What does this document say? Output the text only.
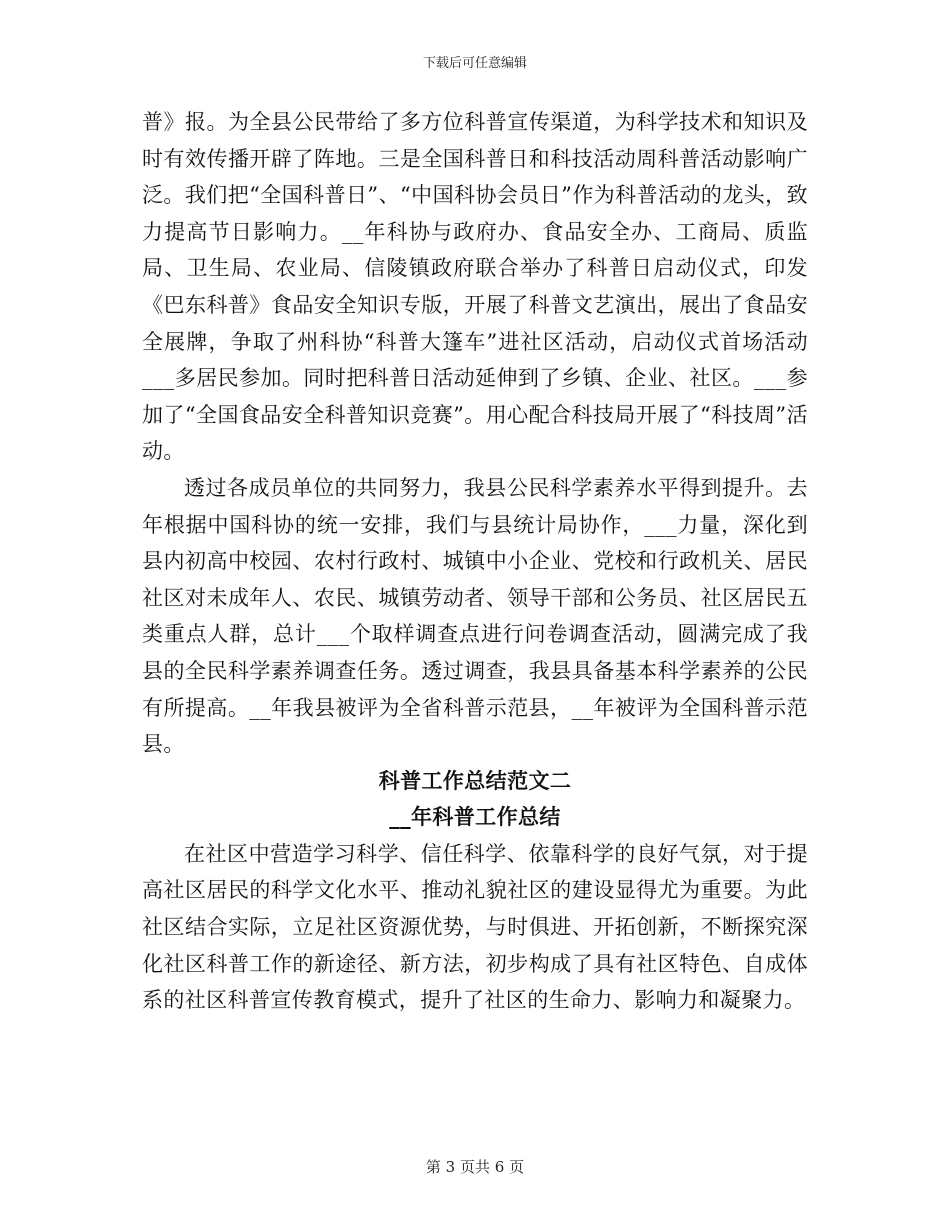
下载后可任意编辑

普》报。为全县公民带给了多方位科普宣传渠道，为科学技术和知识及时有效传播开辟了阵地。三是全国科普日和科技活动周科普活动影响广泛。我们把“全国科普日”、“中国科协会员日”作为科普活动的龙头，致力提高节日影响力。__年科协与政府办、食品安全办、工商局、质监局、卫生局、农业局、信陵镇政府联合举办了科普日启动仪式，印发《巴东科普》食品安全知识专版，开展了科普文艺演出，展出了食品安全展牌，争取了州科协“科普大篷车”进社区活动，启动仪式首场活动___多居民参加。同时把科普日活动延伸到了乡镇、企业、社区。___参加了“全国食品安全科普知识竞赛”。用心配合科技局开展了“科技周”活动。

透过各成员单位的共同努力，我县公民科学素养水平得到提升。去年根据中国科协的统一安排，我们与县统计局协作，___力量，深化到县内初高中校园、农村行政村、城镇中小企业、党校和行政机关、居民社区对未成年人、农民、城镇劳动者、领导干部和公务员、社区居民五类重点人群，总计___个取样调查点进行问卷调查活动，圆满完成了我县的全民科学素养调查任务。透过调查，我县具备基本科学素养的公民有所提高。__年我县被评为全省科普示范县，__年被评为全国科普示范县。

科普工作总结范文二
__年科普工作总结

在社区中营造学习科学、信任科学、依靠科学的良好气氛，对于提高社区居民的科学文化水平、推动礼貌社区的建设显得尤为重要。为此社区结合实际，立足社区资源优势，与时俱进、开拓创新，不断探究深化社区科普工作的新途径、新方法，初步构成了具有社区特色、自成体系的社区科普宣传教育模式，提升了社区的生命力、影响力和凝聚力。

第 3 页共 6 页
